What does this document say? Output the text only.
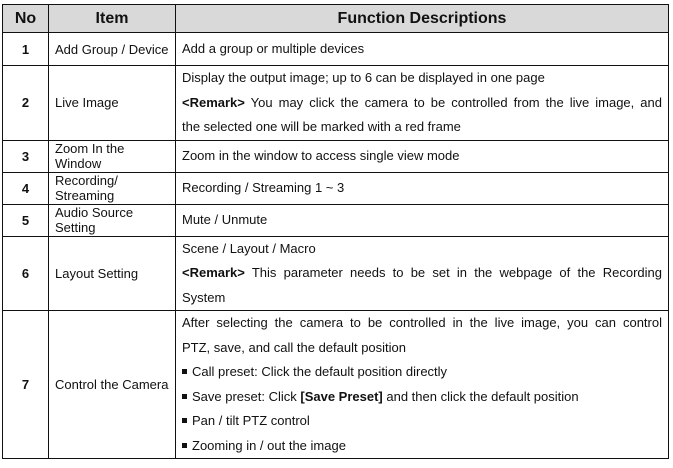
No	Item	Function Descriptions
1	Add Group / Device	Add a group or multiple devices

2	Live Image	Display the output image; up to 6 can be displayed in one page
<Remark> You may click the camera to be controlled from the live image, and
the selected one will be marked with a red frame

3	Zoom In the Window	Zoom in the window to access single view mode

4	Recording/ Streaming	Recording / Streaming 1 ~ 3

5	Audio Source Setting	Mute / Unmute

6	Layout Setting	Scene / Layout / Macro
<Remark> This parameter needs to be set in the webpage of the Recording
System

7	Control the Camera	
After selecting the camera to be controlled in the live image, you can control
PTZ, save, and call the default position
Call preset: Click the default position directly
Save preset: Click [Save Preset] and then click the default position
Pan / tilt PTZ control
Zooming in / out the image
